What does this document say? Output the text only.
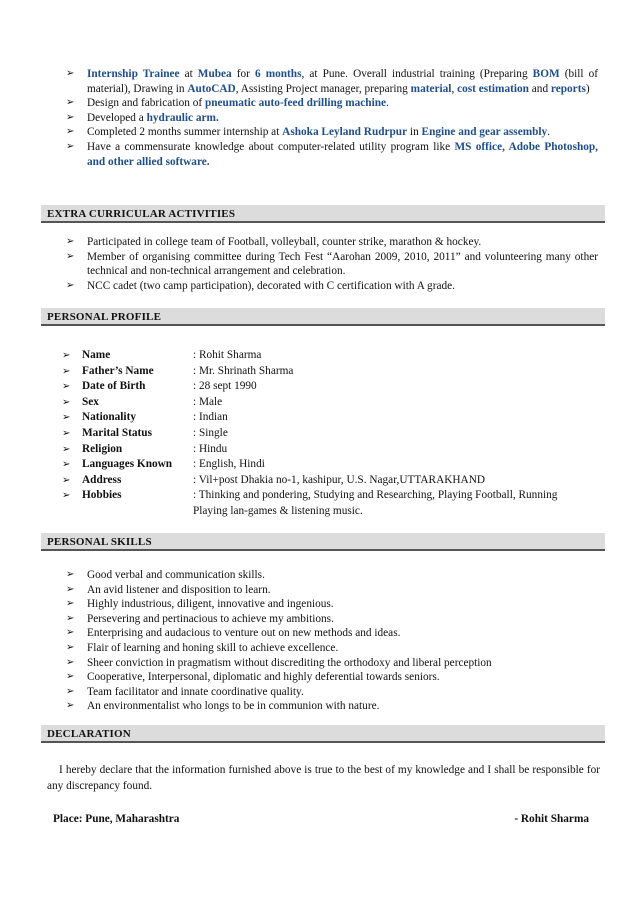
➢ Internship Trainee at Mubea for 6 months, at Pune. Overall industrial training (Preparing BOM (bill of material), Drawing in AutoCAD, Assisting Project manager, preparing material, cost estimation and reports)
➢ Design and fabrication of pneumatic auto-feed drilling machine.
➢ Developed a hydraulic arm.
➢ Completed 2 months summer internship at Ashoka Leyland Rudrpur in Engine and gear assembly.
➢ Have a commensurate knowledge about computer-related utility program like MS office, Adobe Photoshop, and other allied software.
EXTRA CURRICULAR ACTIVITIES
➢ Participated in college team of Football, volleyball, counter strike, marathon & hockey.
➢ Member of organising committee during Tech Fest “Aarohan 2009, 2010, 2011” and volunteering many other technical and non-technical arrangement and celebration.
➢ NCC cadet (two camp participation), decorated with C certification with A grade.
PERSONAL PROFILE
➢ Name	: Rohit Sharma
➢ Father’s Name	: Mr. Shrinath Sharma
➢ Date of Birth	: 28 sept 1990
➢ Sex	: Male
➢ Nationality	: Indian
➢ Marital Status	: Single
➢ Religion	: Hindu
➢ Languages Known : English, Hindi
➢ Address	: Vil+post Dhakia no-1, kashipur, U.S. Nagar,UTTARAKHAND
➢ Hobbies	: Thinking and pondering, Studying and Researching, Playing Football, Running Playing lan-games & listening music.
PERSONAL SKILLS
➢ Good verbal and communication skills.
➢ An avid listener and disposition to learn.
➢ Highly industrious, diligent, innovative and ingenious.
➢ Persevering and pertinacious to achieve my ambitions.
➢ Enterprising and audacious to venture out on new methods and ideas.
➢ Flair of learning and honing skill to achieve excellence.
➢ Sheer conviction in pragmatism without discrediting the orthodoxy and liberal perception
➢ Cooperative, Interpersonal, diplomatic and highly deferential towards seniors.
➢ Team facilitator and innate coordinative quality.
➢ An environmentalist who longs to be in communion with nature.
DECLARATION
I hereby declare that the information furnished above is true to the best of my knowledge and I shall be responsible for any discrepancy found.
Place: Pune, Maharashtra	- Rohit Sharma
